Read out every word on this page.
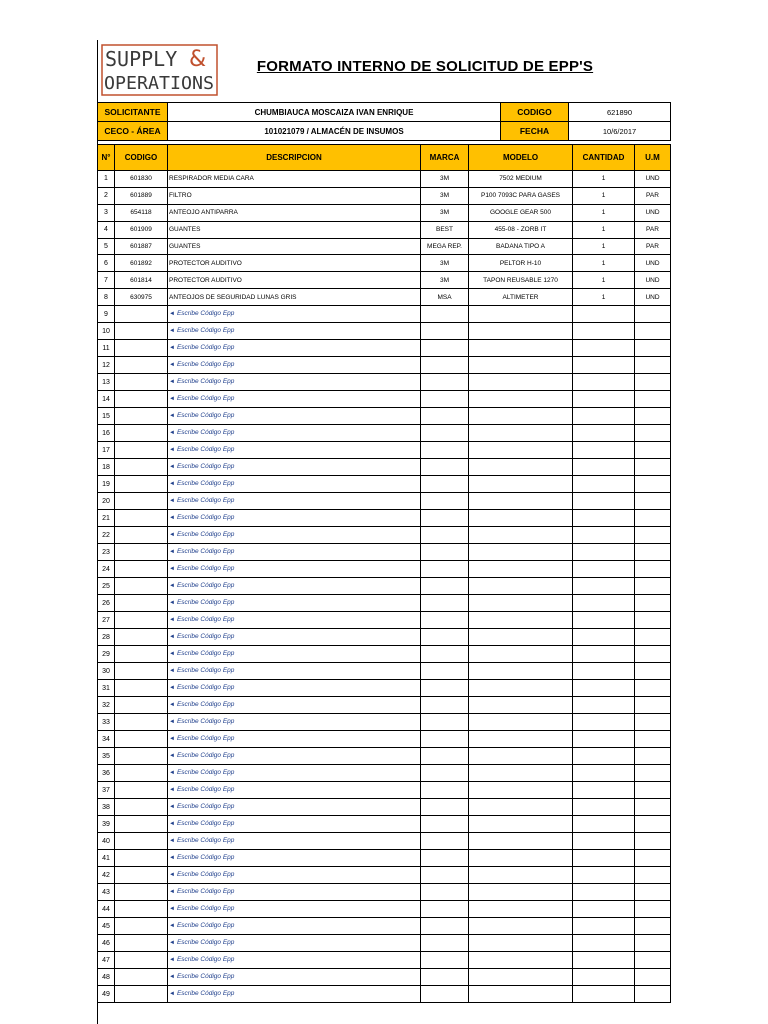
SUPPLY &
OPERATIONS
FORMATO INTERNO DE SOLICITUD DE EPP'S
SOLICITANTE	CHUMBIAUCA MOSCAIZA IVAN ENRIQUE	CODIGO	621890
CECO - ÁREA	101021079 / ALMACÉN DE INSUMOS	FECHA	10/6/2017
N°	CODIGO	DESCRIPCION	MARCA	MODELO	CANTIDAD	U.M
1	601830	RESPIRADOR MEDIA CARA	3M	7502 MEDIUM	1	UND
2	601889	FILTRO	3M	P100 7093C PARA GASES	1	PAR
3	654118	ANTEOJO ANTIPARRA	3M	GOOGLE GEAR 500	1	UND
4	601909	GUANTES	BEST	455-08 - ZORB IT	1	PAR
5	601887	GUANTES	MEGA REP.	BADANA TIPO A	1	PAR
6	601892	PROTECTOR AUDITIVO	3M	PELTOR H-10	1	UND
7	601814	PROTECTOR AUDITIVO	3M	TAPON REUSABLE 1270	1	UND
8	630975	ANTEOJOS DE SEGURIDAD LUNAS GRIS	MSA	ALTIMETER	1	UND
9		◄ Escribe Código Epp				
10		◄ Escribe Código Epp				
11		◄ Escribe Código Epp				
12		◄ Escribe Código Epp				
13		◄ Escribe Código Epp				
14		◄ Escribe Código Epp				
15		◄ Escribe Código Epp				
16		◄ Escribe Código Epp				
17		◄ Escribe Código Epp				
18		◄ Escribe Código Epp				
19		◄ Escribe Código Epp				
20		◄ Escribe Código Epp				
21		◄ Escribe Código Epp				
22		◄ Escribe Código Epp				
23		◄ Escribe Código Epp				
24		◄ Escribe Código Epp				
25		◄ Escribe Código Epp				
26		◄ Escribe Código Epp				
27		◄ Escribe Código Epp				
28		◄ Escribe Código Epp				
29		◄ Escribe Código Epp				
30		◄ Escribe Código Epp				
31		◄ Escribe Código Epp				
32		◄ Escribe Código Epp				
33		◄ Escribe Código Epp				
34		◄ Escribe Código Epp				
35		◄ Escribe Código Epp				
36		◄ Escribe Código Epp				
37		◄ Escribe Código Epp				
38		◄ Escribe Código Epp				
39		◄ Escribe Código Epp				
40		◄ Escribe Código Epp				
41		◄ Escribe Código Epp				
42		◄ Escribe Código Epp				
43		◄ Escribe Código Epp				
44		◄ Escribe Código Epp				
45		◄ Escribe Código Epp				
46		◄ Escribe Código Epp				
47		◄ Escribe Código Epp				
48		◄ Escribe Código Epp				
49		◄ Escribe Código Epp				
